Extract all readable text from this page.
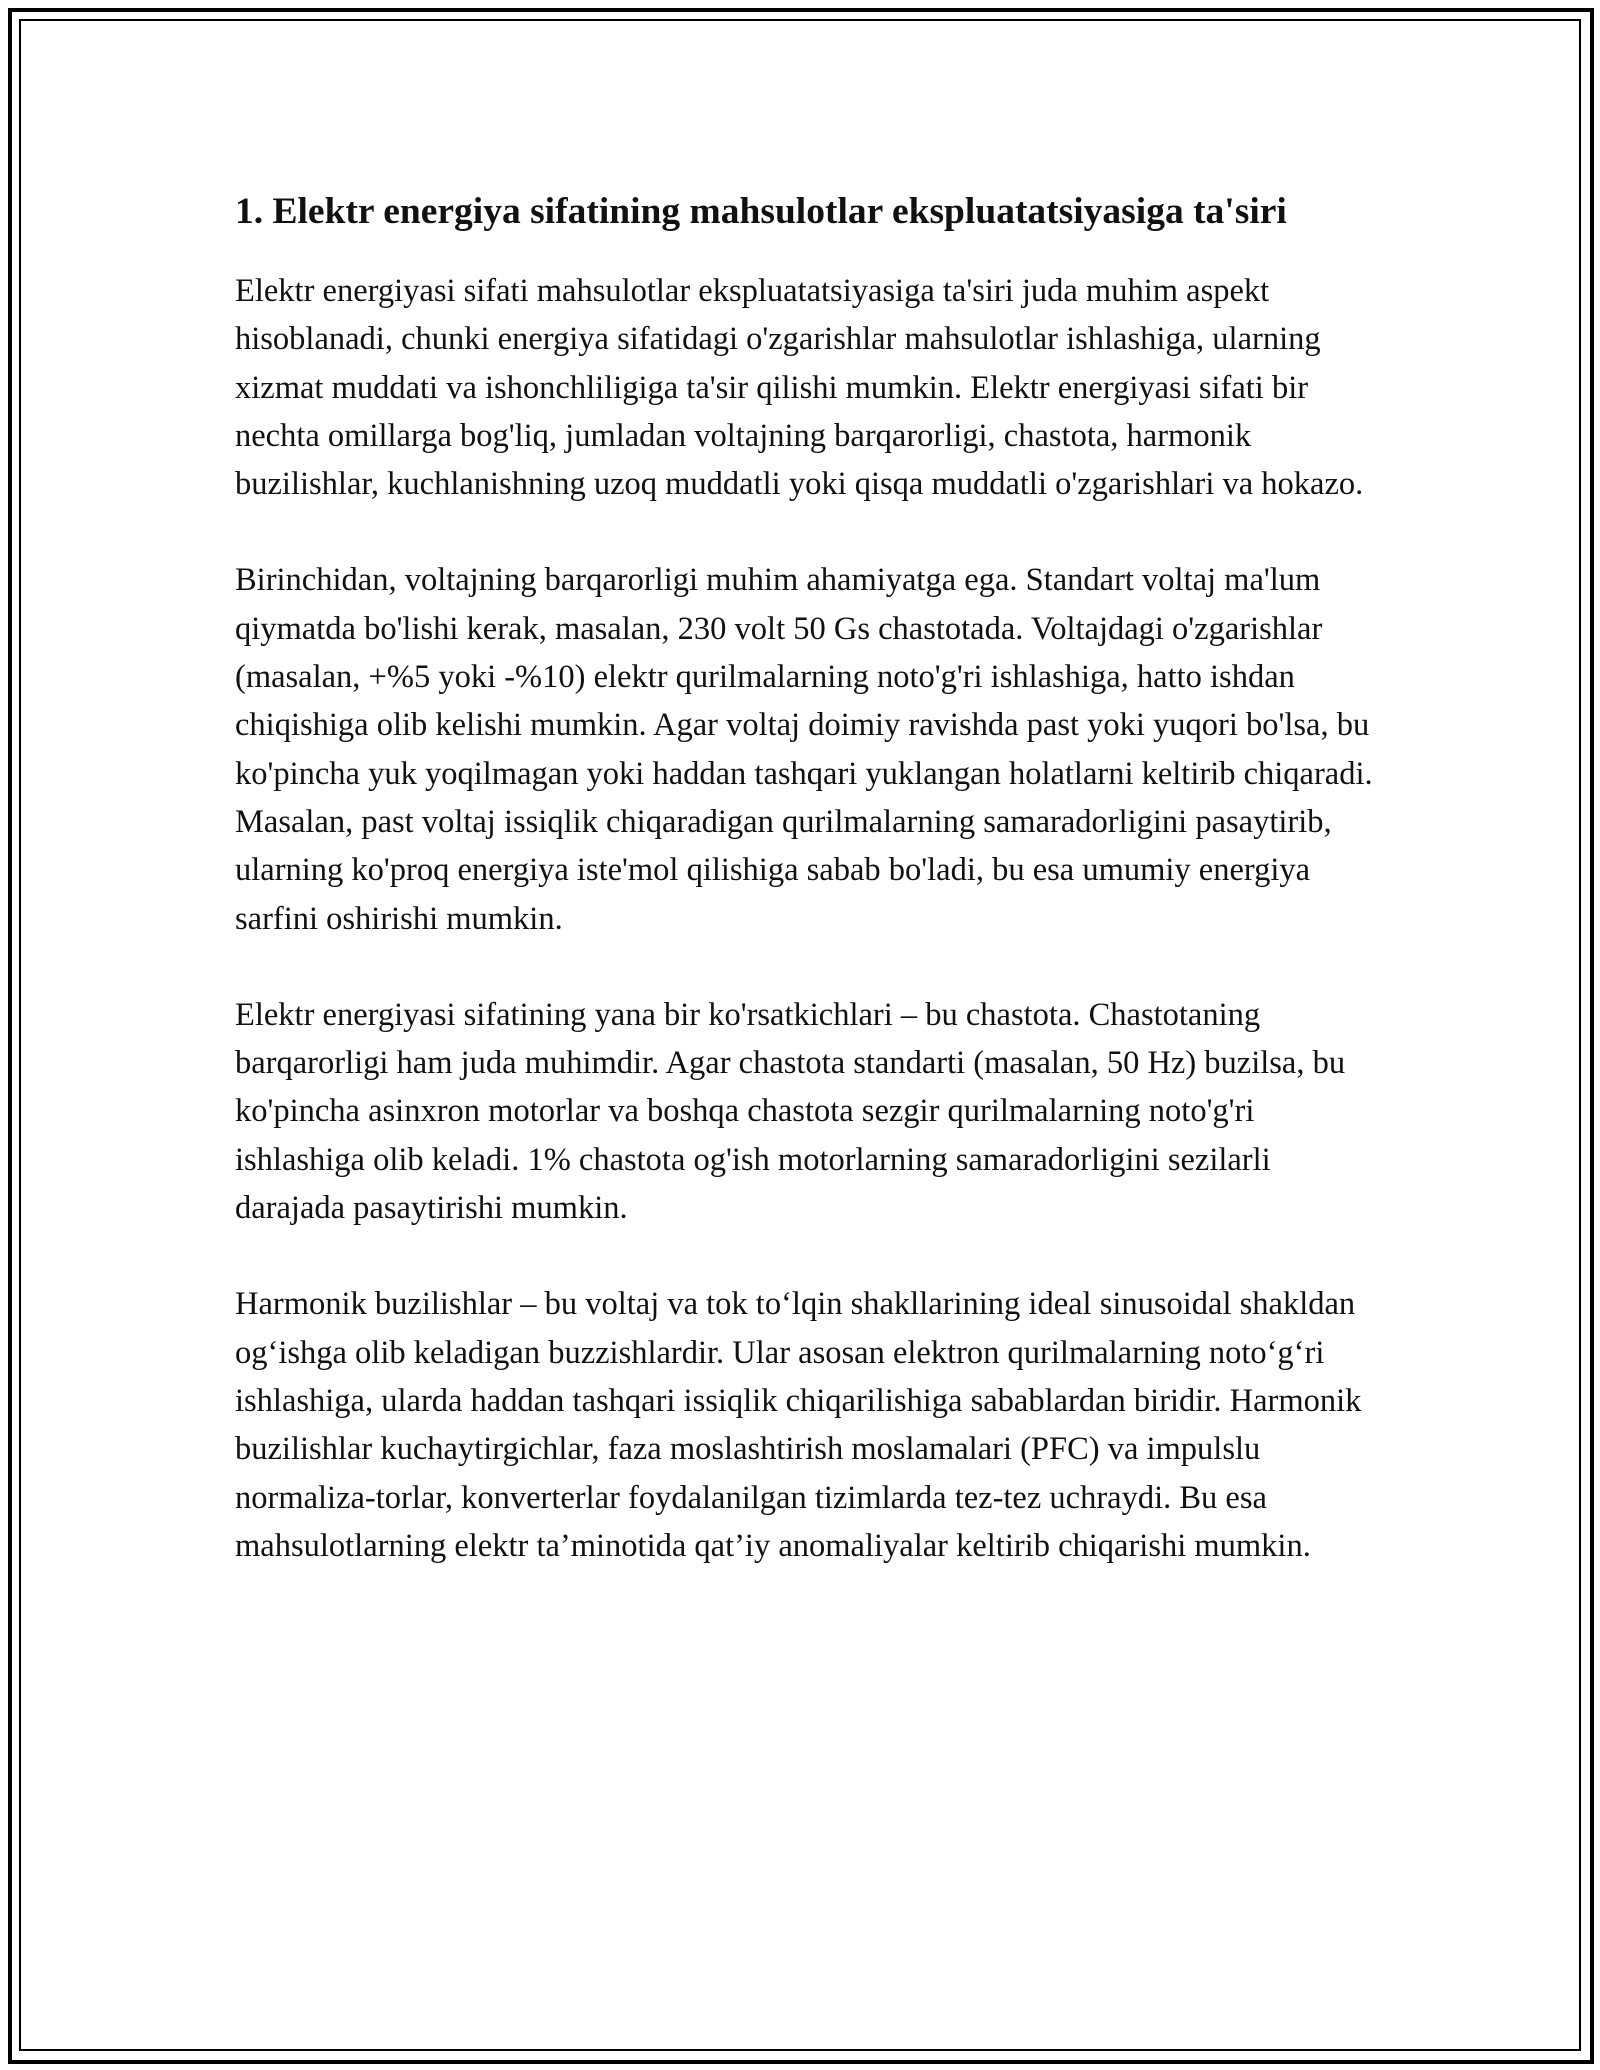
1. Elektr energiya sifatining mahsulotlar ekspluatatsiyasiga ta'siri

Elektr energiyasi sifati mahsulotlar ekspluatatsiyasiga ta'siri juda muhim aspekt hisoblanadi, chunki energiya sifatidagi o'zgarishlar mahsulotlar ishlashiga, ularning xizmat muddati va ishonchliligiga ta'sir qilishi mumkin. Elektr energiyasi sifati bir nechta omillarga bog'liq, jumladan voltajning barqarorligi, chastota, harmonik buzilishlar, kuchlanishning uzoq muddatli yoki qisqa muddatli o'zgarishlari va hokazo.

Birinchidan, voltajning barqarorligi muhim ahamiyatga ega. Standart voltaj ma'lum qiymatda bo'lishi kerak, masalan, 230 volt 50 Gs chastotada. Voltajdagi o'zgarishlar (masalan, +%5 yoki -%10) elektr qurilmalarning noto'g'ri ishlashiga, hatto ishdan chiqishiga olib kelishi mumkin. Agar voltaj doimiy ravishda past yoki yuqori bo'lsa, bu ko'pincha yuk yoqilmagan yoki haddan tashqari yuklangan holatlarni keltirib chiqaradi. Masalan, past voltaj issiqlik chiqaradigan qurilmalarning samaradorligini pasaytirib, ularning ko'proq energiya iste'mol qilishiga sabab bo'ladi, bu esa umumiy energiya sarfini oshirishi mumkin.

Elektr energiyasi sifatining yana bir ko'rsatkichlari – bu chastota. Chastotaning barqarorligi ham juda muhimdir. Agar chastota standarti (masalan, 50 Hz) buzilsa, bu ko'pincha asinxron motorlar va boshqa chastota sezgir qurilmalarning noto'g'ri ishlashiga olib keladi. 1% chastota og'ish motorlarning samaradorligini sezilarli darajada pasaytirishi mumkin.

Harmonik buzilishlar – bu voltaj va tok to‘lqin shakllarining ideal sinusoidal shakldan og‘ishga olib keladigan buzzishlardir. Ular asosan elektron qurilmalarning noto‘g‘ri ishlashiga, ularda haddan tashqari issiqlik chiqarilishiga sabablardan biridir. Harmonik buzilishlar kuchaytirgichlar, faza moslashtirish moslamalari (PFC) va impulslu normaliza-torlar, konverterlar foydalanilgan tizimlarda tez-tez uchraydi. Bu esa mahsulotlarning elektr ta’minotida qat’iy anomaliyalar keltirib chiqarishi mumkin.
